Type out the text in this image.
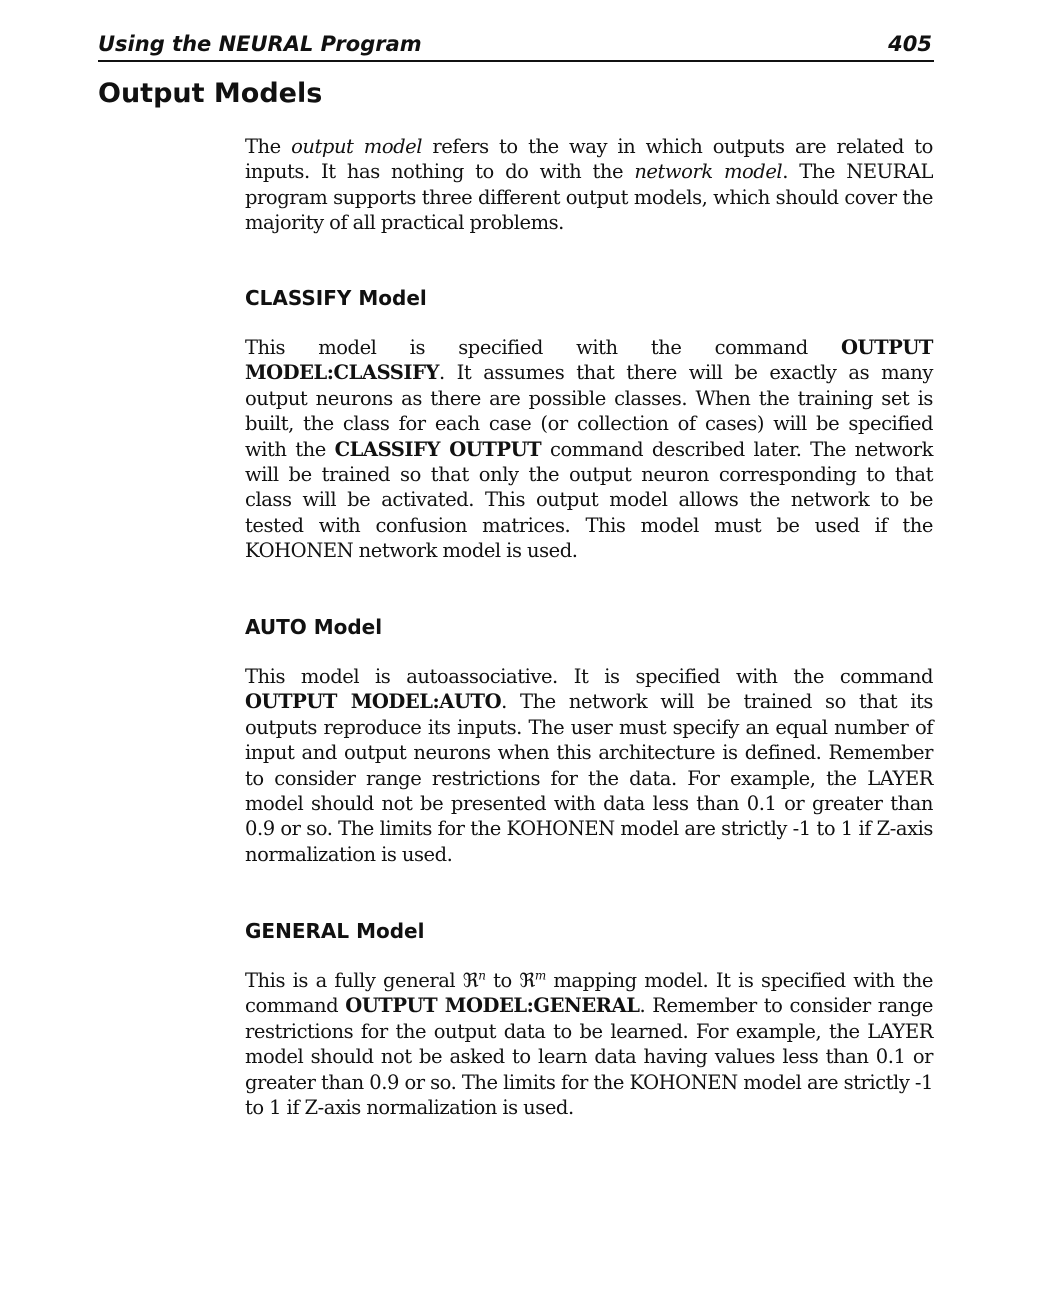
Using the NEURAL Program	405
Output Models

The output model refers to the way in which outputs are related to inputs. It has nothing to do with the network model. The NEURAL program supports three different output models, which should cover the majority of all practical problems.

CLASSIFY Model

This model is specified with the command OUTPUT MODEL:CLASSIFY. It assumes that there will be exactly as many output neurons as there are possible classes. When the training set is built, the class for each case (or collection of cases) will be specified with the CLASSIFY OUTPUT command described later. The network will be trained so that only the output neuron corresponding to that class will be activated. This output model allows the network to be tested with confusion matrices. This model must be used if the KOHONEN network model is used.

AUTO Model

This model is autoassociative. It is specified with the command OUTPUT MODEL:AUTO. The network will be trained so that its outputs reproduce its inputs. The user must specify an equal number of input and output neurons when this architecture is defined. Remember to consider range restrictions for the data. For example, the LAYER model should not be presented with data less than 0.1 or greater than 0.9 or so. The limits for the KOHONEN model are strictly -1 to 1 if Z-axis normalization is used.

GENERAL Model

This is a fully general ℜ$^n$ to ℜ$^m$ mapping model. It is specified with the command OUTPUT MODEL:GENERAL. Remember to consider range restrictions for the output data to be learned. For example, the LAYER model should not be asked to learn data having values less than 0.1 or greater than 0.9 or so. The limits for the KOHONEN model are strictly -1 to 1 if Z-axis normalization is used.
